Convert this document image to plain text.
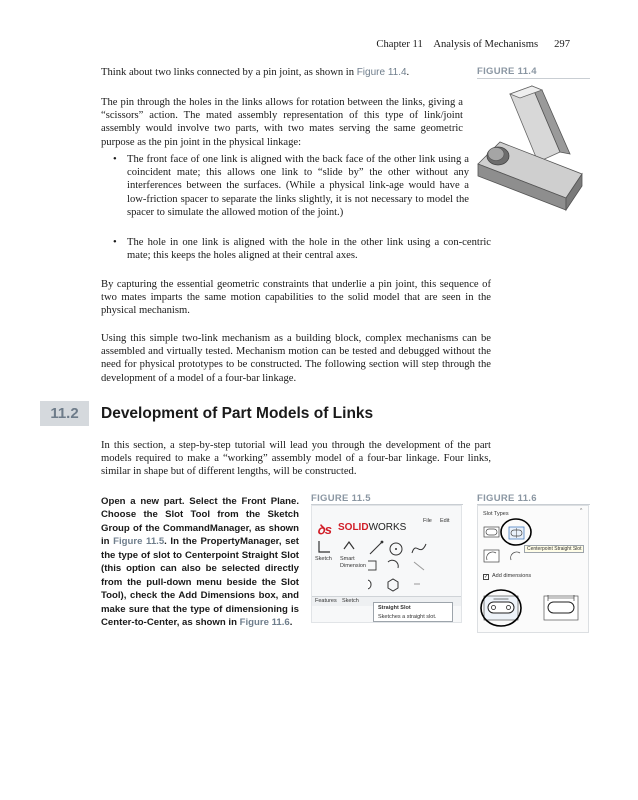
Chapter 11 Analysis of Mechanisms 297
Think about two links connected by a pin joint, as shown in Figure 11.4.	FIGURE 11.4
The pin through the holes in the links allows for rotation between the links, giving a “scissors” action. The mated assembly representation of this type of link/joint assembly would involve two parts, with two mates serving the same geometric purpose as the pin joint in the physical linkage:
• The front face of one link is aligned with the back face of the other link using a coincident mate; this allows one link to “slide by” the other without any interferences between the surfaces. (While a physical link-age would have a low-friction spacer to separate the links slightly, it is not necessary to model the spacer to simulate the allowed motion of the joint.)
• The hole in one link is aligned with the hole in the other link using a con-centric mate; this keeps the holes aligned at their central axes.
By capturing the essential geometric constraints that underlie a pin joint, this sequence of two mates imparts the same motion capabilities to the solid model that are seen in the physical mechanism.
Using this simple two-link mechanism as a building block, complex mechanisms can be assembled and virtually tested. Mechanism motion can be tested and debugged without the need for physical prototypes to be constructed. The following section will step through the development of a model of a four-bar linkage.
11.2	Development of Part Models of Links
In this section, a step-by-step tutorial will lead you through the development of the part models required to make a “working” assembly model of a four-bar linkage. Four links, similar in shape but of different lengths, will be constructed.
Open a new part. Select the Front Plane. Choose the Slot Tool from the Sketch Group of the CommandManager, as shown in Figure 11.5. In the PropertyManager, set the type of slot to Centerpoint Straight Slot (this option can also be selected directly from the pull-down menu beside the Slot Tool), check the Add Dimensions box, and make sure that the type of dimensioning is Center-to-Center, as shown in Figure 11.6.
FIGURE 11.5
ꝺs SOLIDWORKS
File Edit
Sketch Smart Dimension
Features Sketch
Straight Slot
Sketches a straight slot.
FIGURE 11.6
Slot Types	ˆ
Centerpoint Straight Slot
✓ Add dimensions
